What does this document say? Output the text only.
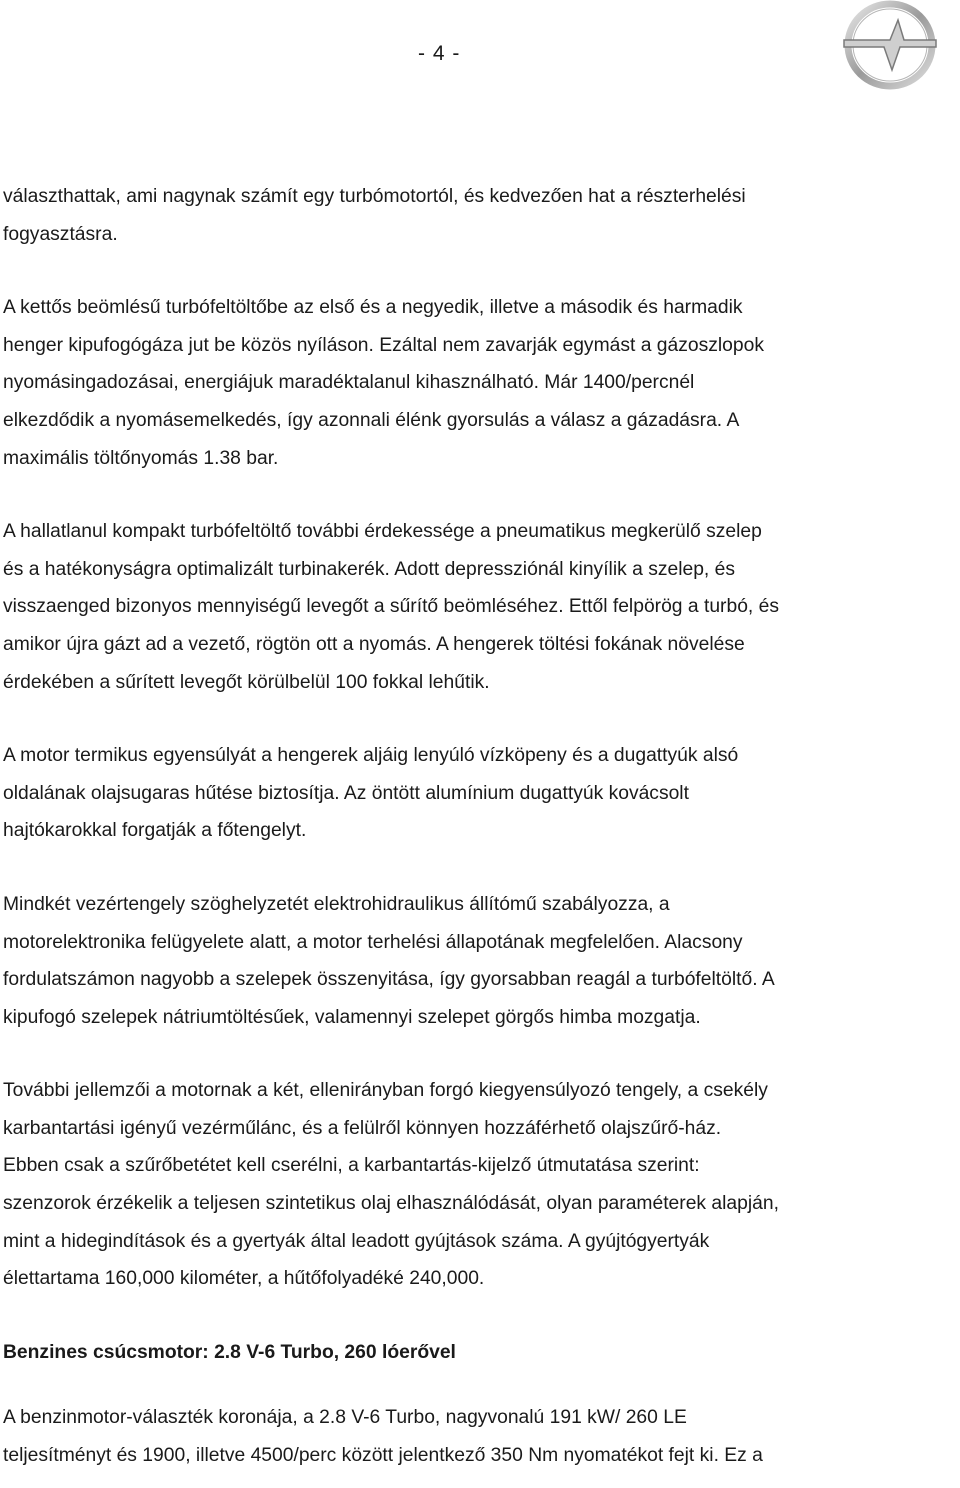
- 4 -

választhattak, ami nagynak számít egy turbómotortól, és kedvezően hat a részterhelési
fogyasztásra.

A kettős beömlésű turbófeltöltőbe az első és a negyedik, illetve a második és harmadik
henger kipufogógáza jut be közös nyíláson. Ezáltal nem zavarják egymást a gázoszlopok
nyomásingadozásai, energiájuk maradéktalanul kihasználható. Már 1400/percnél
elkezdődik a nyomásemelkedés, így azonnali élénk gyorsulás a válasz a gázadásra. A
maximális töltőnyomás 1.38 bar.

A hallatlanul kompakt turbófeltöltő további érdekessége a pneumatikus megkerülő szelep
és a hatékonyságra optimalizált turbinakerék. Adott depressziónál kinyílik a szelep, és
visszaenged bizonyos mennyiségű levegőt a sűrítő beömléséhez. Ettől felpörög a turbó, és
amikor újra gázt ad a vezető, rögtön ott a nyomás. A hengerek töltési fokának növelése
érdekében a sűrített levegőt körülbelül 100 fokkal lehűtik.

A motor termikus egyensúlyát a hengerek aljáig lenyúló vízköpeny és a dugattyúk alsó
oldalának olajsugaras hűtése biztosítja. Az öntött alumínium dugattyúk kovácsolt
hajtókarokkal forgatják a főtengelyt.

Mindkét vezértengely szöghelyzetét elektrohidraulikus állítómű szabályozza, a
motorelektronika felügyelete alatt, a motor terhelési állapotának megfelelően. Alacsony
fordulatszámon nagyobb a szelepek összenyitása, így gyorsabban reagál a turbófeltöltő. A
kipufogó szelepek nátriumtöltésűek, valamennyi szelepet görgős himba mozgatja.

További jellemzői a motornak a két, ellenirányban forgó kiegyensúlyozó tengely, a csekély
karbantartási igényű vezérműlánc, és a felülről könnyen hozzáférhető olajszűrő-ház.
Ebben csak a szűrőbetétet kell cserélni, a karbantartás-kijelző útmutatása szerint:
szenzorok érzékelik a teljesen szintetikus olaj elhasználódását, olyan paraméterek alapján,
mint a hidegindítások és a gyertyák által leadott gyújtások száma. A gyújtógyertyák
élettartama 160,000 kilométer, a hűtőfolyadéké 240,000.

Benzines csúcsmotor: 2.8 V-6 Turbo, 260 lóerővel

A benzinmotor-választék koronája, a 2.8 V-6 Turbo, nagyvonalú 191 kW/ 260 LE
teljesítményt és 1900, illetve 4500/perc között jelentkező 350 Nm nyomatékot fejt ki. Ez a
